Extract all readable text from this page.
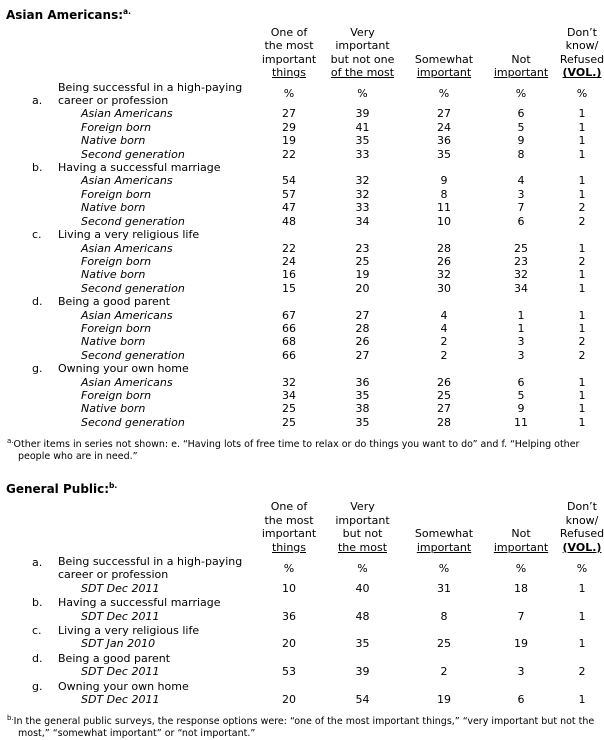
Asian Americans:$^{a.}$

One of
the most
important
things

Very
important
but not one
of the most

Somewhat
important

Not
important

Don’t
know/
Refused
(VOL.)

a.	Being successful in a high-paying
career or profession	%	%	%	%	%
	Asian Americans	27	39	27	6	1
	Foreign born	29	41	24	5	1
	Native born	19	35	36	9	1
	Second generation	22	33	35	8	1
b.	Having a successful marriage					
	Asian Americans	54	32	9	4	1
	Foreign born	57	32	8	3	1
	Native born	47	33	11	7	2
	Second generation	48	34	10	6	2
c.	Living a very religious life					
	Asian Americans	22	23	28	25	1
	Foreign born	24	25	26	23	2
	Native born	16	19	32	32	1
	Second generation	15	20	30	34	1
d.	Being a good parent					
	Asian Americans	67	27	4	1	1
	Foreign born	66	28	4	1	1
	Native born	68	26	2	3	2
	Second generation	66	27	2	3	2
g.	Owning your own home					
	Asian Americans	32	36	26	6	1
	Foreign born	34	35	25	5	1
	Native born	25	38	27	9	1
	Second generation	25	35	28	11	1
$^{a.}$Other items in series not shown: e. “Having lots of free time to relax or do things you want to do” and f. “Helping other people who are in need.”
General Public:$^{b.}$

One of
the most
important
things

Very
important
but not
the most

Somewhat
important

Not
important

Don’t
know/
Refused
(VOL.)

a.	Being successful in a high-paying
career or profession	%	%	%	%	%
	SDT Dec 2011	10	40	31	18	1
b.	Having a successful marriage					
	SDT Dec 2011	36	48	8	7	1
c.	Living a very religious life					
	SDT Jan 2010	20	35	25	19	1
d.	Being a good parent					
	SDT Dec 2011	53	39	2	3	2
g.	Owning your own home					
	SDT Dec 2011	20	54	19	6	1
$^{b.}$In the general public surveys, the response options were: “one of the most important things,” “very important but not the most,” “somewhat important” or “not important.”
